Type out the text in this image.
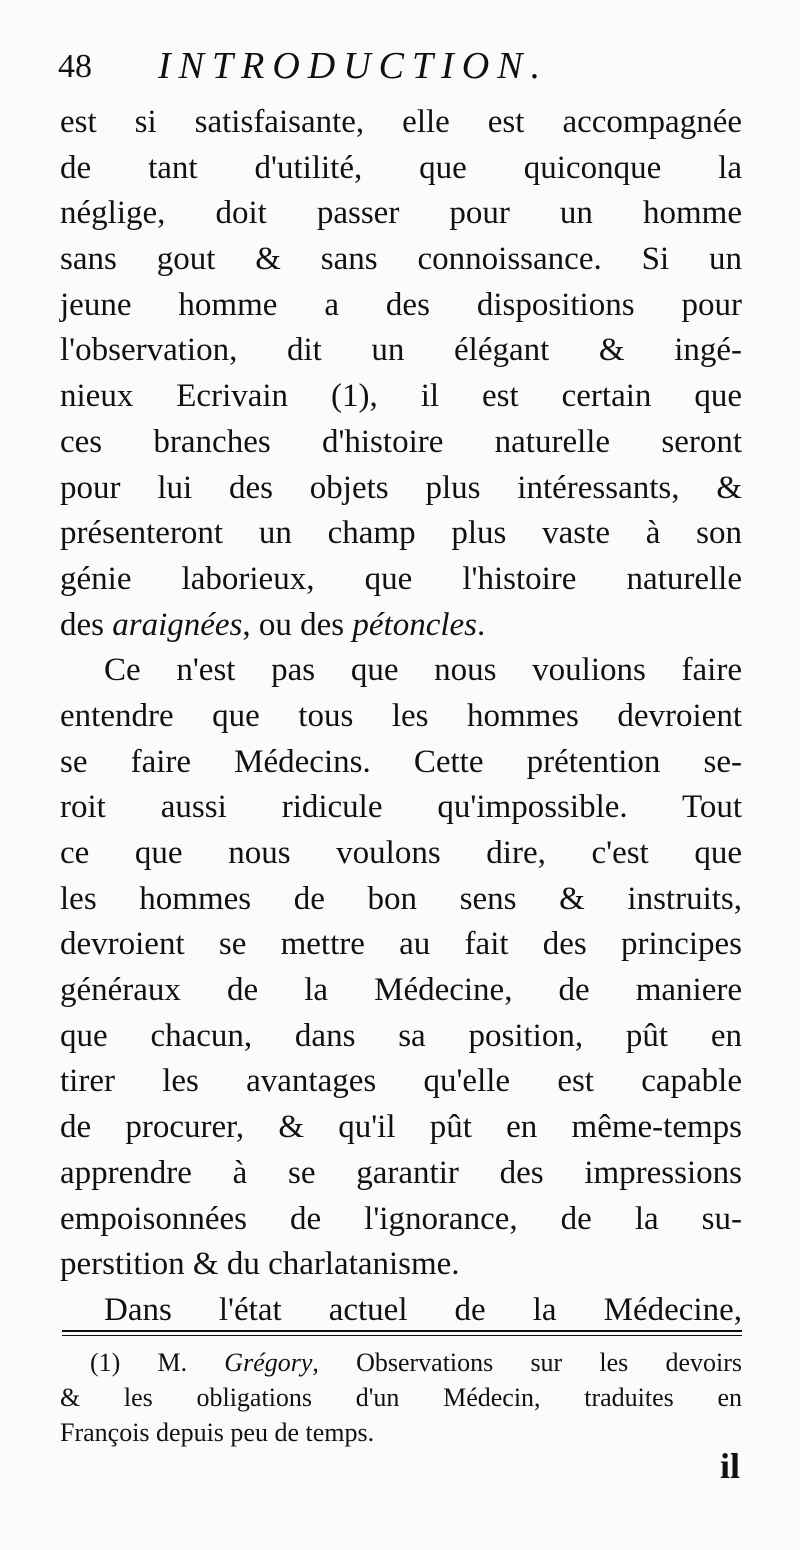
48 INTRODUCTION.
est si satisfaisante, elle est accompagnée
de tant d'utilité, que quiconque la
néglige, doit passer pour un homme
sans gout & sans connoissance. Si un
jeune homme a des dispositions pour
l'observation, dit un élégant & ingé-
nieux Ecrivain (1), il est certain que
ces branches d'histoire naturelle seront
pour lui des objets plus intéressants, &
présenteront un champ plus vaste à son
génie laborieux, que l'histoire naturelle
des araignées, ou des pétoncles.
Ce n'est pas que nous voulions faire
entendre que tous les hommes devroient
se faire Médecins. Cette prétention se-
roit aussi ridicule qu'impossible. Tout
ce que nous voulons dire, c'est que
les hommes de bon sens & instruits,
devroient se mettre au fait des principes
généraux de la Médecine, de maniere
que chacun, dans sa position, pût en
tirer les avantages qu'elle est capable
de procurer, & qu'il pût en même-temps
apprendre à se garantir des impressions
empoisonnées de l'ignorance, de la su-
perstition & du charlatanisme.
Dans l'état actuel de la Médecine,
(1) M. Grégory, Observations sur les devoirs
& les obligations d'un Médecin, traduites en
François depuis peu de temps.
il
